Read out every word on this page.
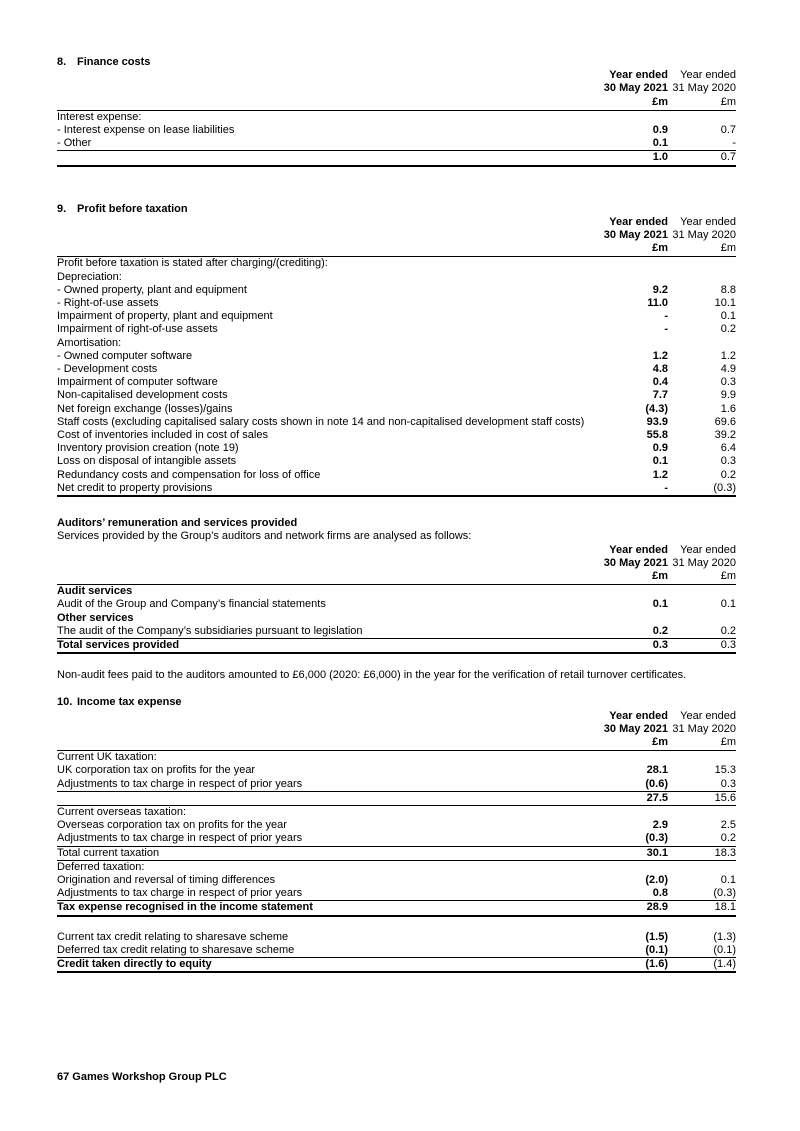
8. Finance costs
Year ended
30 May 2021
£m
Year ended
31 May 2020
£m
Interest expense:
- Interest expense on lease liabilities	0.9	0.7
- Other	0.1	-
1.0	0.7
9. Profit before taxation
Year ended
30 May 2021
£m
Year ended
31 May 2020
£m
Profit before taxation is stated after charging/(crediting):
Depreciation:
- Owned property, plant and equipment	9.2	8.8
- Right-of-use assets	11.0	10.1
Impairment of property, plant and equipment	-	0.1
Impairment of right-of-use assets	-	0.2
Amortisation:
- Owned computer software	1.2	1.2
- Development costs	4.8	4.9
Impairment of computer software	0.4	0.3
Non-capitalised development costs	7.7	9.9
Net foreign exchange (losses)/gains	(4.3)	1.6
Staff costs (excluding capitalised salary costs shown in note 14 and non-capitalised development staff costs)	93.9	69.6
Cost of inventories included in cost of sales	55.8	39.2
Inventory provision creation (note 19)	0.9	6.4
Loss on disposal of intangible assets	0.1	0.3
Redundancy costs and compensation for loss of office	1.2	0.2
Net credit to property provisions	-	(0.3)
Auditors’ remuneration and services provided
Services provided by the Group’s auditors and network firms are analysed as follows:
Year ended
30 May 2021
£m
Year ended
31 May 2020
£m
Audit services
Audit of the Group and Company’s financial statements	0.1	0.1
Other services
The audit of the Company’s subsidiaries pursuant to legislation	0.2	0.2
Total services provided	0.3	0.3
Non-audit fees paid to the auditors amounted to £6,000 (2020: £6,000) in the year for the verification of retail turnover certificates.
10. Income tax expense
Year ended
30 May 2021
£m
Year ended
31 May 2020
£m
Current UK taxation:
UK corporation tax on profits for the year	28.1	15.3
Adjustments to tax charge in respect of prior years	(0.6)	0.3
27.5	15.6
Current overseas taxation:
Overseas corporation tax on profits for the year	2.9	2.5
Adjustments to tax charge in respect of prior years	(0.3)	0.2
Total current taxation	30.1	18.3
Deferred taxation:
Origination and reversal of timing differences	(2.0)	0.1
Adjustments to tax charge in respect of prior years	0.8	(0.3)
Tax expense recognised in the income statement	28.9	18.1
Current tax credit relating to sharesave scheme	(1.5)	(1.3)
Deferred tax credit relating to sharesave scheme	(0.1)	(0.1)
Credit taken directly to equity	(1.6)	(1.4)
67 Games Workshop Group PLC
